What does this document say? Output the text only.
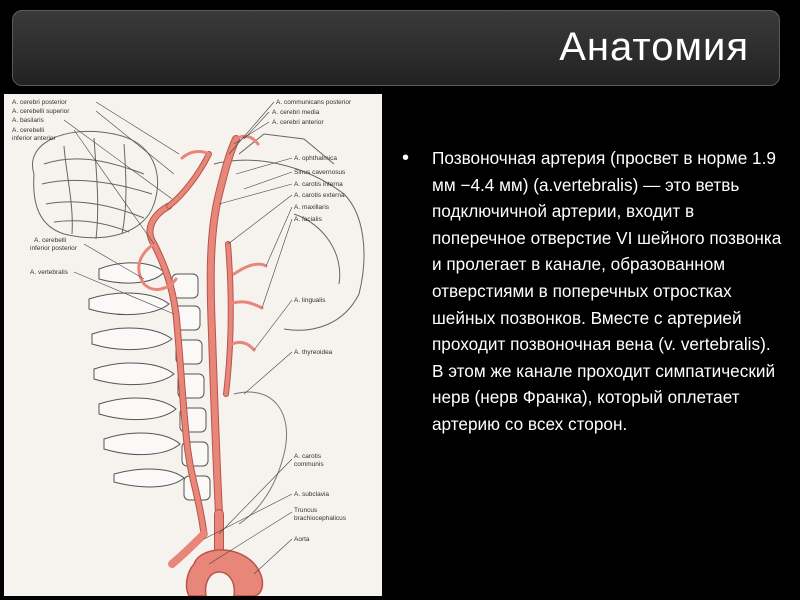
Анатомия
A. cerebri posterior
A. cerebelli superior
A. basilaris
A. cerebelli
inferior anterior
A. cerebelli
inferior posterior
A. vertebralis
A. communicans posterior
A. cerebri media
A. cerebri anterior
A. ophthalmica
Sinus cavernosus
A. carotis interna
A. carotis externa
A. maxillaris
A. facialis
A. lingualis
A. thyreoidea
A. carotis
communis
A. subclavia
Truncus
brachiocephalicus
Aorta
• Позвоночная артерия (просвет в норме 1.9 мм −4.4 мм) (a.vertebralis) — это ветвь подключичной артерии, входит в поперечное отверстие VI шейного позвонка и пролегает в канале, образованном отверстиями в поперечных отростках шейных позвонков. Вместе с артерией проходит позвоночная вена (v. vertebralis). В этом же канале проходит симпатический нерв (нерв Франка), который оплетает артерию со всех сторон.
